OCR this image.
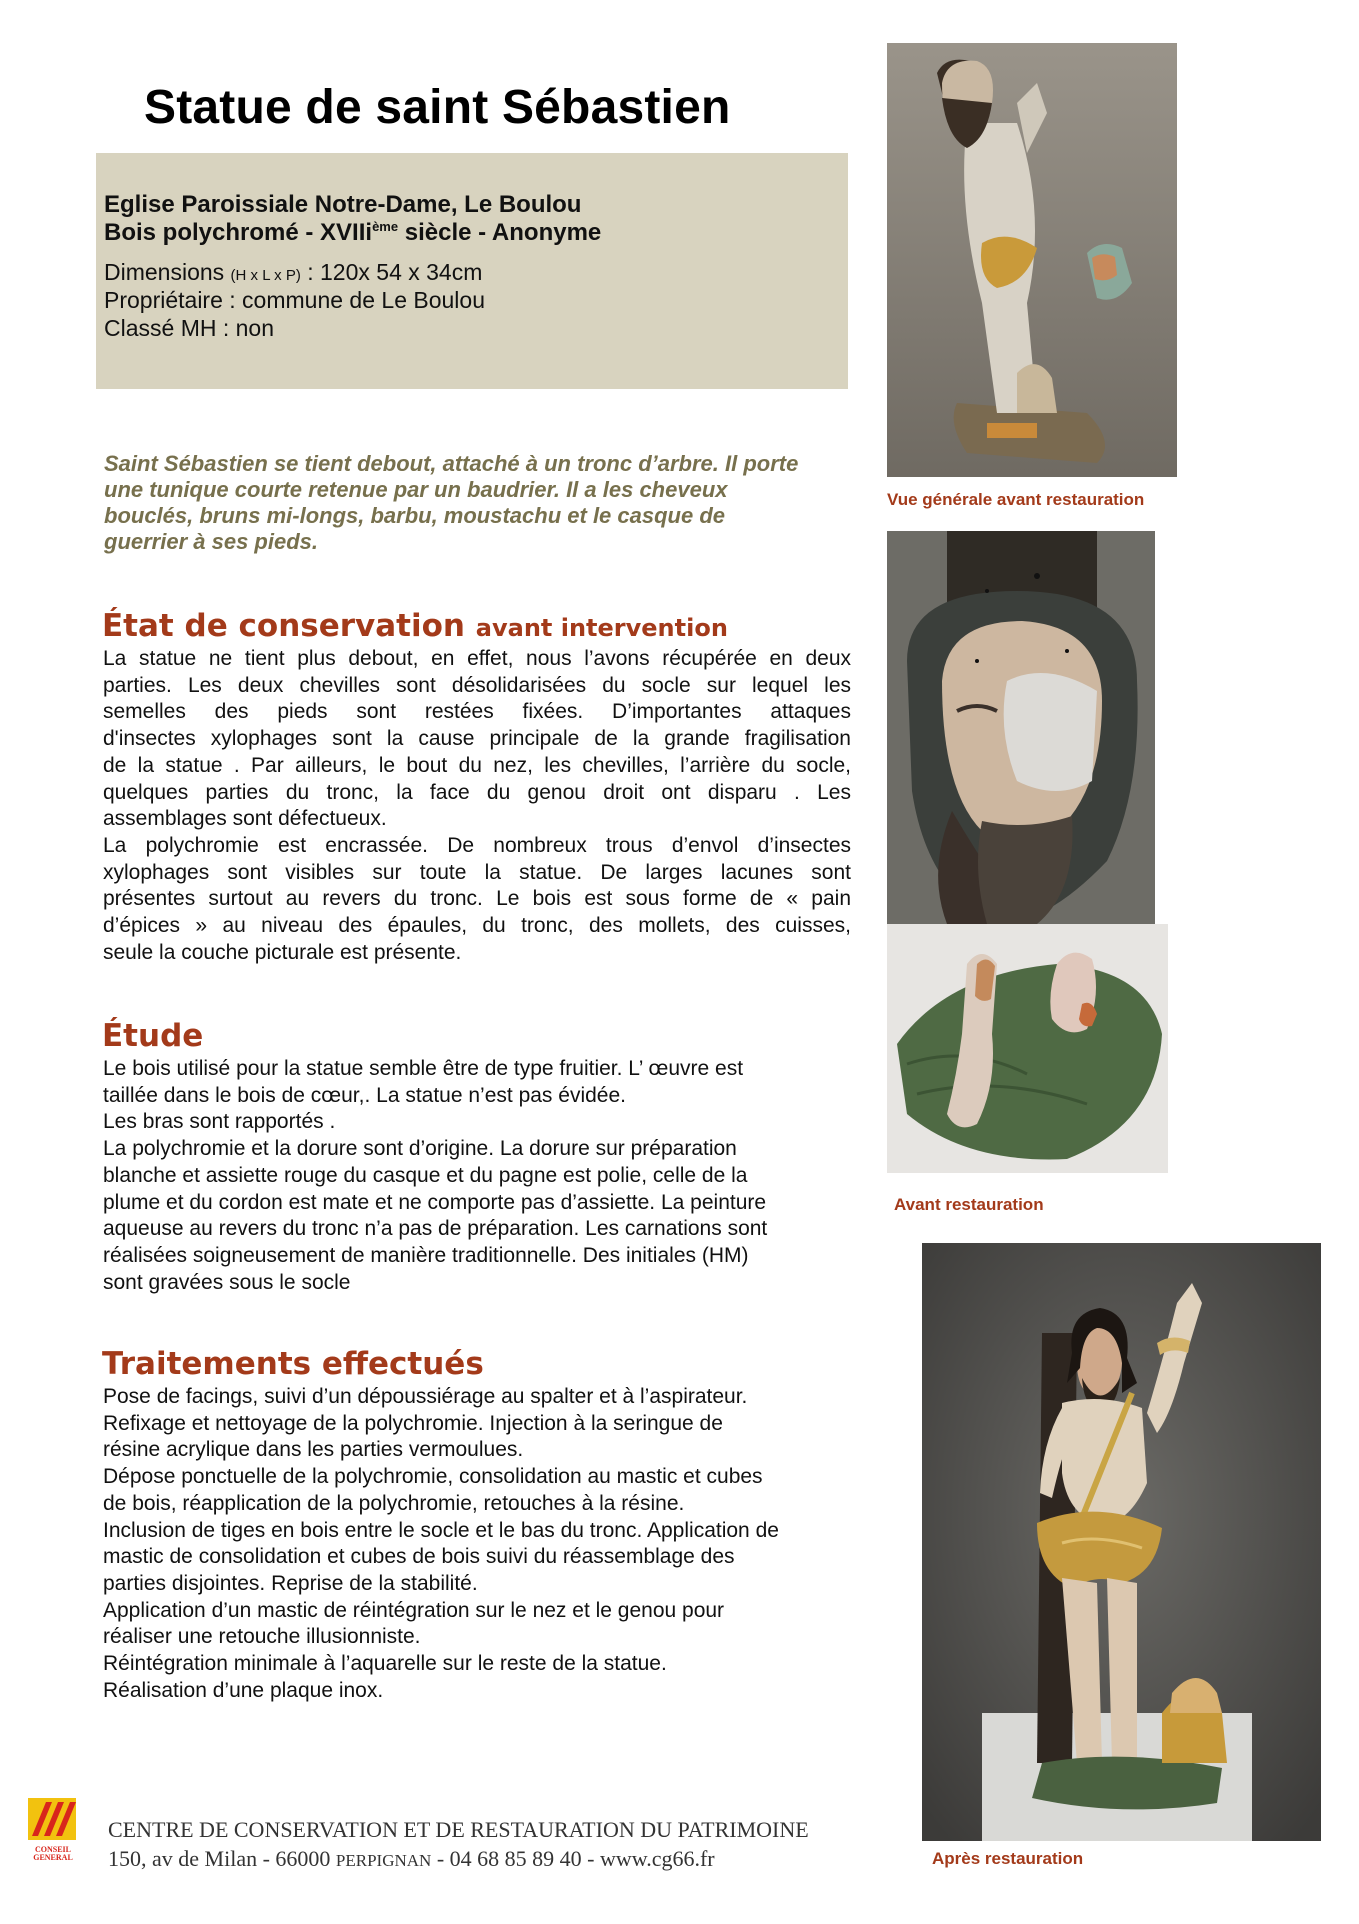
Statue de saint Sébastien
Eglise Paroissiale Notre-Dame, Le Boulou
Bois polychromé - XVIIi$^{ème}$ siècle - Anonyme
Dimensions (H x L x P) : 120x 54 x 34cm
Propriétaire : commune de Le Boulou
Classé MH : non
Saint Sébastien se tient debout, attaché à un tronc d’arbre. Il porte
une tunique courte retenue par un baudrier. Il a les cheveux
bouclés, bruns mi-longs, barbu, moustachu et le casque de
guerrier à ses pieds.
État de conservation avant intervention
La statue ne tient plus debout, en effet, nous l’avons récupérée en deux
parties. Les deux chevilles sont désolidarisées du socle sur lequel les
semelles des pieds sont restées fixées. D’importantes attaques
d'insectes xylophages sont la cause principale de la grande fragilisation
de la statue . Par ailleurs, le bout du nez, les chevilles, l’arrière du socle,
quelques parties du tronc, la face du genou droit ont disparu . Les
assemblages sont défectueux.
La polychromie est encrassée. De nombreux trous d’envol d’insectes
xylophages sont visibles sur toute la statue. De larges lacunes sont
présentes surtout au revers du tronc. Le bois est sous forme de « pain
d’épices » au niveau des épaules, du tronc, des mollets, des cuisses,
seule la couche picturale est présente.
Étude
Le bois utilisé pour la statue semble être de type fruitier. L’ œuvre est
taillée dans le bois de cœur,. La statue n’est pas évidée.
Les bras sont rapportés .
La polychromie et la dorure sont d’origine. La dorure sur préparation
blanche et assiette rouge du casque et du pagne est polie, celle de la
plume et du cordon est mate et ne comporte pas d’assiette. La peinture
aqueuse au revers du tronc n’a pas de préparation. Les carnations sont
réalisées soigneusement de manière traditionnelle. Des initiales (HM)
sont gravées sous le socle
Traitements effectués
Pose de facings, suivi d’un dépoussiérage au spalter et à l’aspirateur.
Refixage et nettoyage de la polychromie. Injection à la seringue de
résine acrylique dans les parties vermoulues.
Dépose ponctuelle de la polychromie, consolidation au mastic et cubes
de bois, réapplication de la polychromie, retouches à la résine.
Inclusion de tiges en bois entre le socle et le bas du tronc. Application de
mastic de consolidation et cubes de bois suivi du réassemblage des
parties disjointes. Reprise de la stabilité.
Application d’un mastic de réintégration sur le nez et le genou pour
réaliser une retouche illusionniste.
Réintégration minimale à l’aquarelle sur le reste de la statue.
Réalisation d’une plaque inox.
Vue générale avant restauration
Avant restauration
Après restauration
CONSEIL
GENERAL
CENTRE DE CONSERVATION ET DE RESTAURATION DU PATRIMOINE
150, av de Milan - 66000 PERPIGNAN - 04 68 85 89 40 - www.cg66.fr
